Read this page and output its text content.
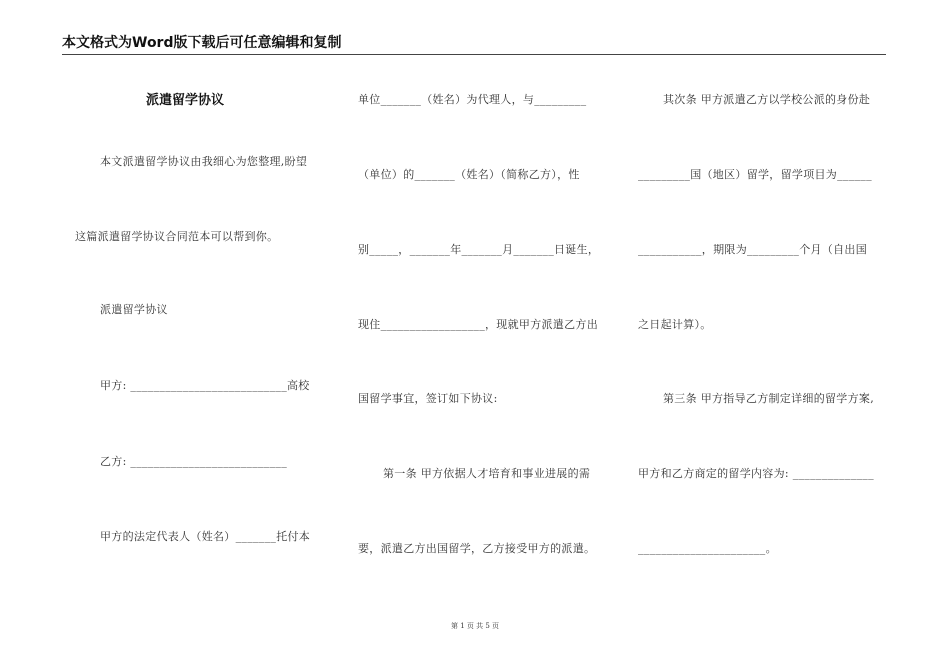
本文格式为Word版下载后可任意编辑和复制
派遣留学协议
本文派遣留学协议由我细心为您整理,盼望
这篇派遣留学协议合同范本可以帮到你。
派遣留学协议
甲方: ___________________________高校
乙方: ___________________________
甲方的法定代表人（姓名）_______托付本
单位_______（姓名）为代理人，与_________
（单位）的_______（姓名）（简称乙方），性
别_____，_______年_______月_______日诞生，
现住__________________，现就甲方派遣乙方出
国留学事宜，签订如下协议:
第一条 甲方依据人才培育和事业进展的需
要，派遣乙方出国留学，乙方接受甲方的派遣。
其次条 甲方派遣乙方以学校公派的身份赴
_________国（地区）留学，留学项目为______
___________，期限为_________个月（自出国
之日起计算）。
第三条 甲方指导乙方制定详细的留学方案,
甲方和乙方商定的留学内容为: ______________
______________________。
第 1 页 共 5 页
